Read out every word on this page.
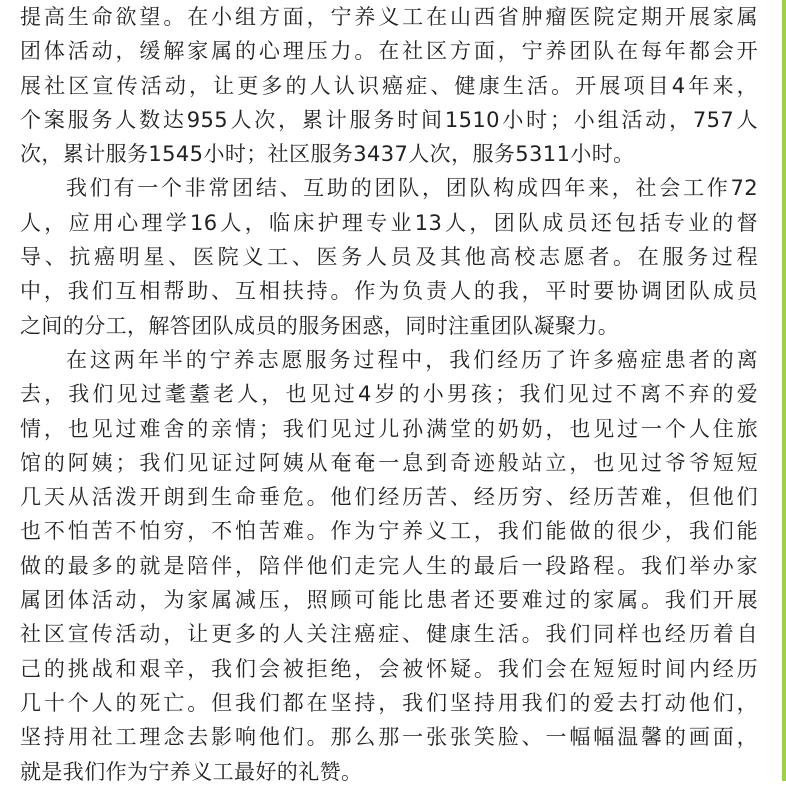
提高生命欲望。在小组方面，宁养义工在山西省肿瘤医院定期开展家属
团体活动，缓解家属的心理压力。在社区方面，宁养团队在每年都会开
展社区宣传活动，让更多的人认识癌症、健康生活。开展项目4年来，
个案服务人数达955人次，累计服务时间1510小时；小组活动，757人
次，累计服务1545小时；社区服务3437人次，服务5311小时。
我们有一个非常团结、互助的团队，团队构成四年来，社会工作72
人，应用心理学16人，临床护理专业13人，团队成员还包括专业的督
导、抗癌明星、医院义工、医务人员及其他高校志愿者。在服务过程
中，我们互相帮助、互相扶持。作为负责人的我，平时要协调团队成员
之间的分工，解答团队成员的服务困惑，同时注重团队凝聚力。
在这两年半的宁养志愿服务过程中，我们经历了许多癌症患者的离
去，我们见过耄耋老人，也见过4岁的小男孩；我们见过不离不弃的爱
情，也见过难舍的亲情；我们见过儿孙满堂的奶奶，也见过一个人住旅
馆的阿姨；我们见证过阿姨从奄奄一息到奇迹般站立，也见过爷爷短短
几天从活泼开朗到生命垂危。他们经历苦、经历穷、经历苦难，但他们
也不怕苦不怕穷，不怕苦难。作为宁养义工，我们能做的很少，我们能
做的最多的就是陪伴，陪伴他们走完人生的最后一段路程。我们举办家
属团体活动，为家属减压，照顾可能比患者还要难过的家属。我们开展
社区宣传活动，让更多的人关注癌症、健康生活。我们同样也经历着自
己的挑战和艰辛，我们会被拒绝，会被怀疑。我们会在短短时间内经历
几十个人的死亡。但我们都在坚持，我们坚持用我们的爱去打动他们，
坚持用社工理念去影响他们。那么那一张张笑脸、一幅幅温馨的画面，
就是我们作为宁养义工最好的礼赞。
